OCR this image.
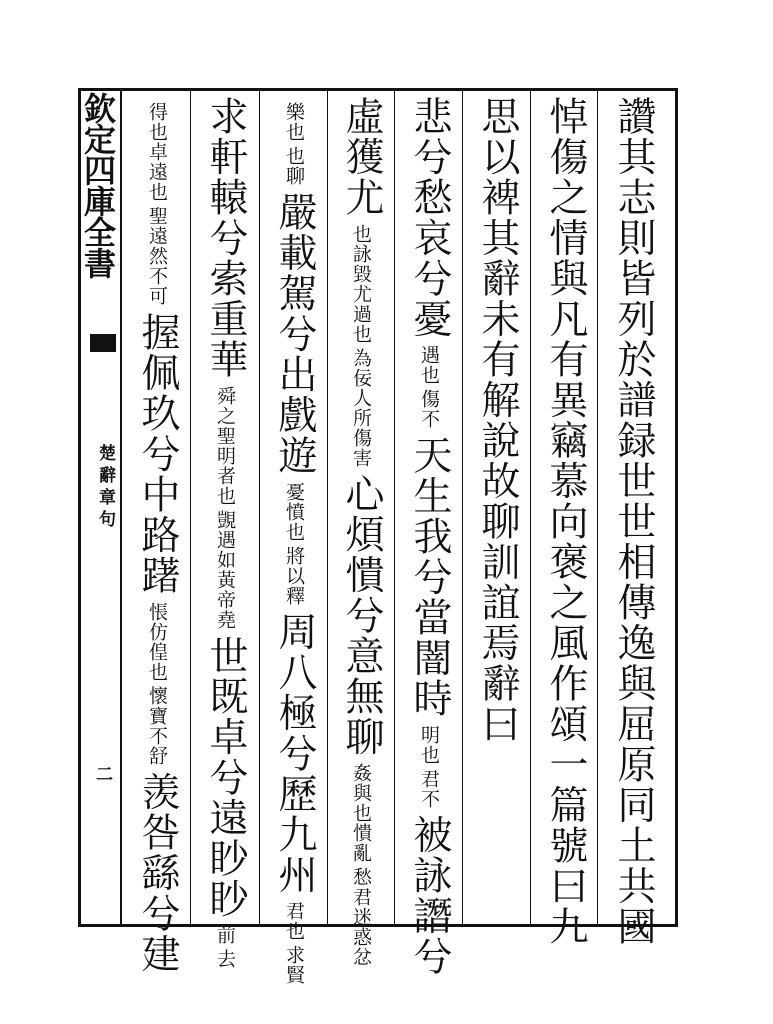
欽定四庫全書
楚辭章句
二	讚其志則皆列於譜録世世相傳逸與屈原同土共國
悼傷之情與凡有異竊慕向褒之風作頌一篇號曰九
思以裨其辭未有解說故聊訓誼焉辭曰
悲兮愁哀兮憂
傷不
遇也
天生我兮當闇時
君不
明也
被詠譖兮
虛獲尤
為佞人所傷害
也詠毀尤過也
心煩憒兮意無聊
愁君迷惑忿
姦與也憒亂
也聊
樂也
嚴載駕兮出戲遊
將以釋
憂憤也
周八極兮歷九州
求賢
君也
求軒轅兮索重華
覬遇如黃帝堯
舜之聖明者也
世既卓兮遠眇眇
去
前
聖遠然不可
得也卓遠也
握佩玖兮中路躇
懷寶不舒
悵仿偟也
羡咎繇兮建
